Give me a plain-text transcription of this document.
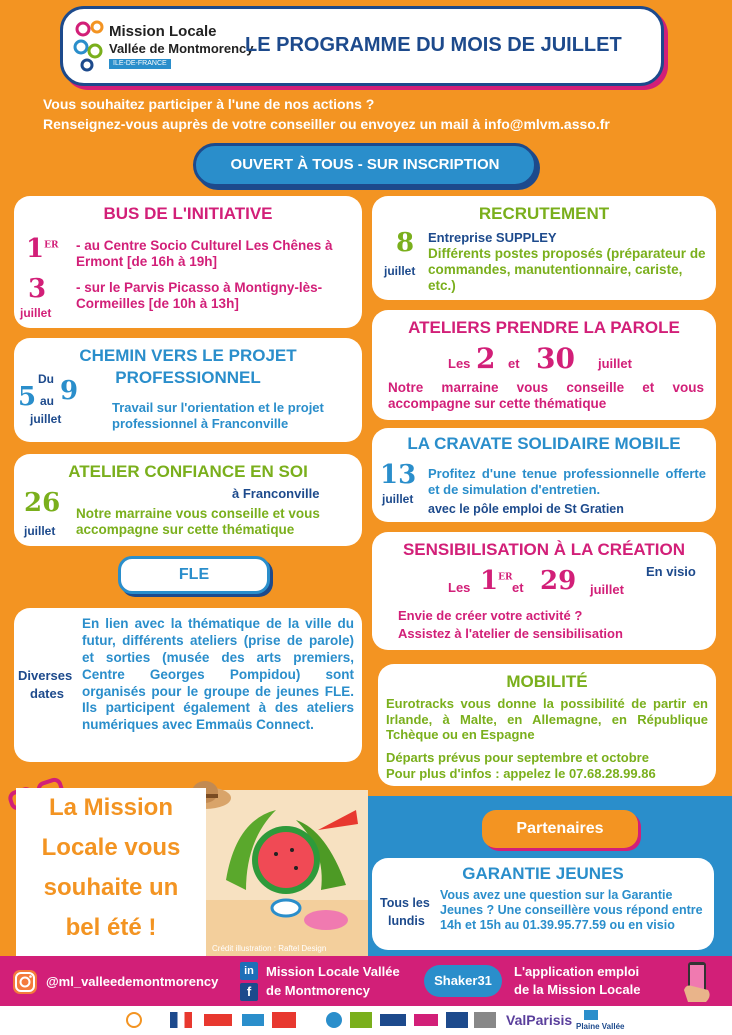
Mission Locale
Vallée de Montmorency
ILE-DE-FRANCE
LE PROGRAMME DU MOIS DE JUILLET
Vous souhaitez participer à l'une de nos actions ?
Renseignez-vous auprès de votre conseiller ou envoyez un mail à info@mlvm.asso.fr
OUVERT À TOUS - SUR INSCRIPTION
BUS DE L'INITIATIVE
1ER
3
juillet
- au Centre Socio Culturel Les Chênes à Ermont [de 16h à 19h]
- sur le Parvis Picasso à Montigny-lès-Cormeilles [de 10h à 13h]
CHEMIN VERS LE PROJET
PROFESSIONNEL
Du
5 au 9
juillet
Travail sur l'orientation et le projet professionnel à Franconville
ATELIER CONFIANCE EN SOI
à Franconville
26
juillet
Notre marraine vous conseille et vous accompagne sur cette thématique
FLE
Diverses
dates
En lien avec la thématique de la ville du futur, différents ateliers (prise de parole) et sorties (musée des arts premiers, Centre Georges Pompidou) sont organisés pour le groupe de jeunes FLE. Ils participent également à des ateliers numériques avec Emmaüs Connect.
RECRUTEMENT
8
juillet
Entreprise SUPPLEY
Différents postes proposés (préparateur de commandes, manutentionnaire, cariste, etc.)
ATELIERS PRENDRE LA PAROLE
Les 2 et 30 juillet
Notre marraine vous conseille et vous accompagne sur cette thématique
LA CRAVATE SOLIDAIRE MOBILE
13
juillet
Profitez d'une tenue professionnelle offerte et de simulation d'entretien.
avec le pôle emploi de St Gratien
SENSIBILISATION À LA CRÉATION
En visio
Les 1ER
et 29 juillet
Envie de créer votre activité ?
Assistez à l'atelier de sensibilisation
MOBILITÉ
Eurotracks vous donne la possibilité de partir en Irlande, à Malte, en Allemagne, en République Tchèque ou en Espagne
Départs prévus pour septembre et octobre
Pour plus d'infos : appelez le 07.68.28.99.86
Crédit illustration : Raftel Design
La Mission
Locale vous
souhaite un
bel été !
Partenaires
GARANTIE JEUNES
Tous les
lundis
Vous avez une question sur la Garantie Jeunes ? Une conseillère vous répond entre 14h et 15h au 01.39.95.77.59 ou en visio
@ml_valleedemontmorency
in
f
Mission Locale Vallée
de Montmorency
Shaker31
L'application emploi
de la Mission Locale
ValParisis Plaine Vallée
